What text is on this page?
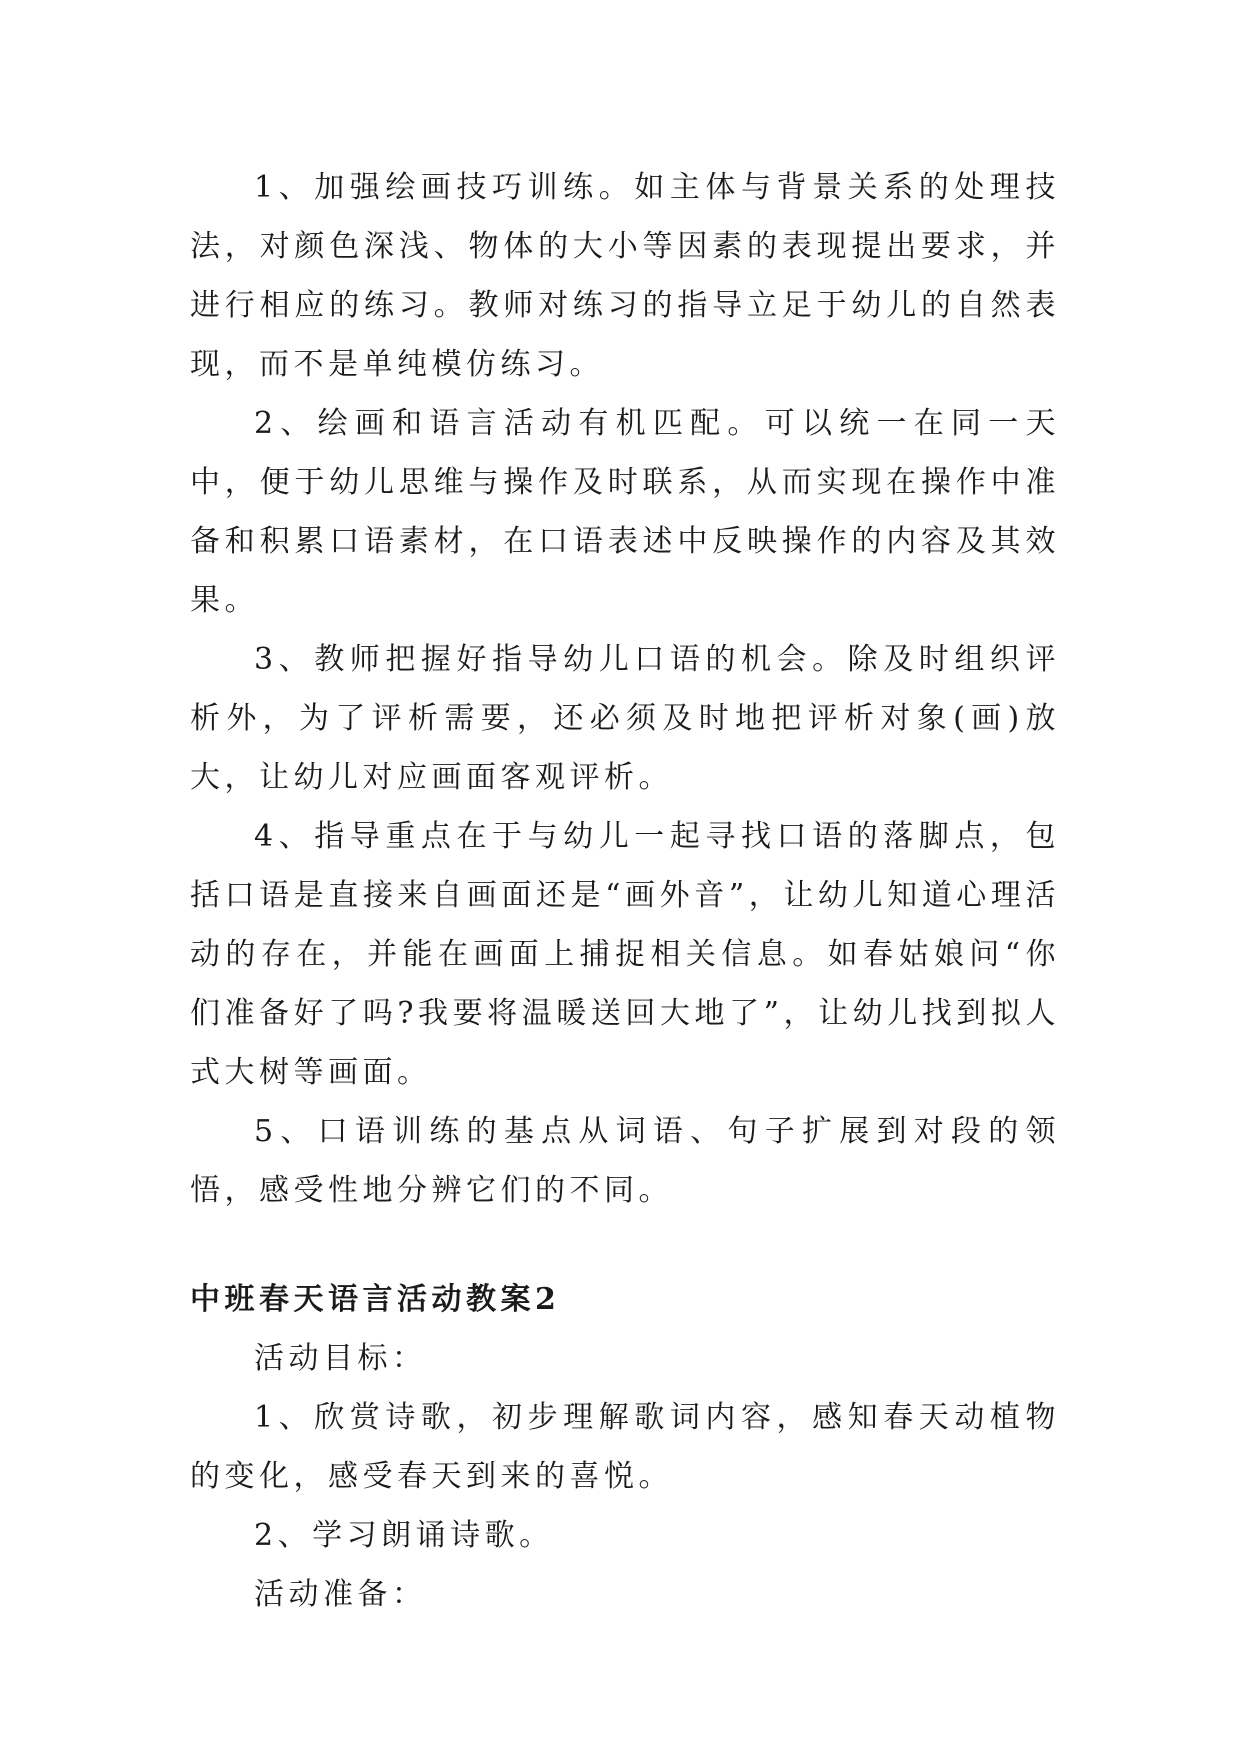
1、加强绘画技巧训练。如主体与背景关系的处理技法，对颜色深浅、物体的大小等因素的表现提出要求，并进行相应的练习。教师对练习的指导立足于幼儿的自然表现，而不是单纯模仿练习。

2、绘画和语言活动有机匹配。可以统一在同一天中，便于幼儿思维与操作及时联系，从而实现在操作中准备和积累口语素材，在口语表述中反映操作的内容及其效果。

3、教师把握好指导幼儿口语的机会。除及时组织评析外，为了评析需要，还必须及时地把评析对象(画)放大，让幼儿对应画面客观评析。

4、指导重点在于与幼儿一起寻找口语的落脚点，包括口语是直接来自画面还是“画外音”，让幼儿知道心理活动的存在，并能在画面上捕捉相关信息。如春姑娘问“你们准备好了吗?我要将温暖送回大地了”，让幼儿找到拟人式大树等画面。

5、口语训练的基点从词语、句子扩展到对段的领悟，感受性地分辨它们的不同。

中班春天语言活动教案2

活动目标：

1、欣赏诗歌，初步理解歌词内容，感知春天动植物的变化，感受春天到来的喜悦。

2、学习朗诵诗歌。

活动准备：
